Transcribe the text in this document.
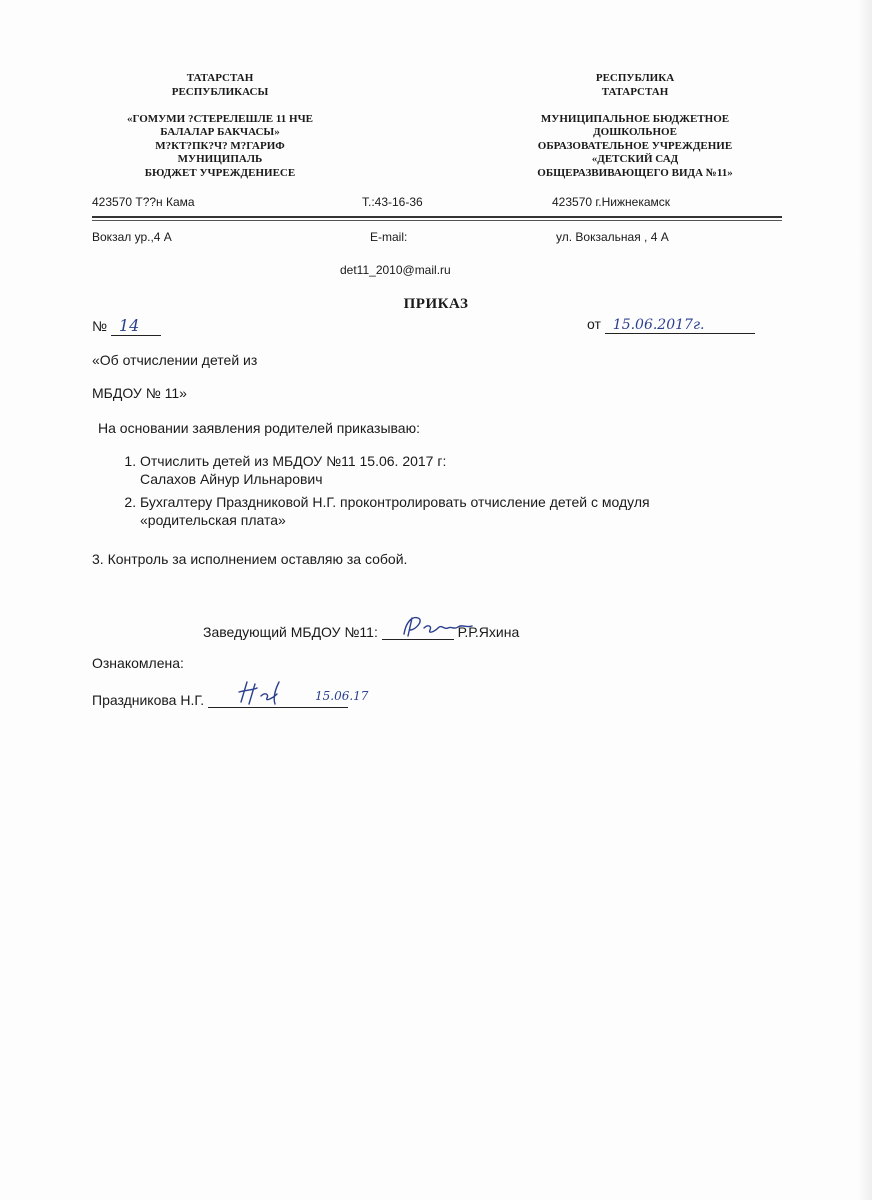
ТАТАРСТАН
РЕСПУБЛИКАСЫ
«ГОМУМИ ?СТЕРЕЛЕШЛЕ 11 НЧЕ
БАЛАЛАР БАКЧАСЫ»
М?КТ?ПК?Ч? М?ГАРИФ
МУНИЦИПАЛЬ
БЮДЖЕТ УЧРЕЖДЕНИЕСЕ
РЕСПУБЛИКА
ТАТАРСТАН
МУНИЦИПАЛЬНОЕ БЮДЖЕТНОЕ
ДОШКОЛЬНОЕ
ОБРАЗОВАТЕЛЬНОЕ УЧРЕЖДЕНИЕ
«ДЕТСКИЙ САД
ОБЩЕРАЗВИВАЮЩЕГО ВИДА №11»
423570 Т??н Кама	Т.:43-16-36	423570 г.Нижнекамск
Вокзал ур.,4 А	E-mail:	ул. Вокзальная , 4 А
det11_2010@mail.ru
ПРИКАЗ
№ 14	от 15.06.2017г.
«Об отчислении детей из
МБДОУ № 11»
На основании заявления родителей приказываю:
1. Отчислить детей из МБДОУ №11 15.06. 2017 г:
Салахов Айнур Ильнарович
2. Бухгалтеру Праздниковой Н.Г. проконтролировать отчисление детей с модуля
«родительская плата»
3. Контроль за исполнением оставляю за собой.
Заведующий МБДОУ №11:	Р.Р.Яхина
Ознакомлена:
Праздникова Н.Г.	15.06.17
